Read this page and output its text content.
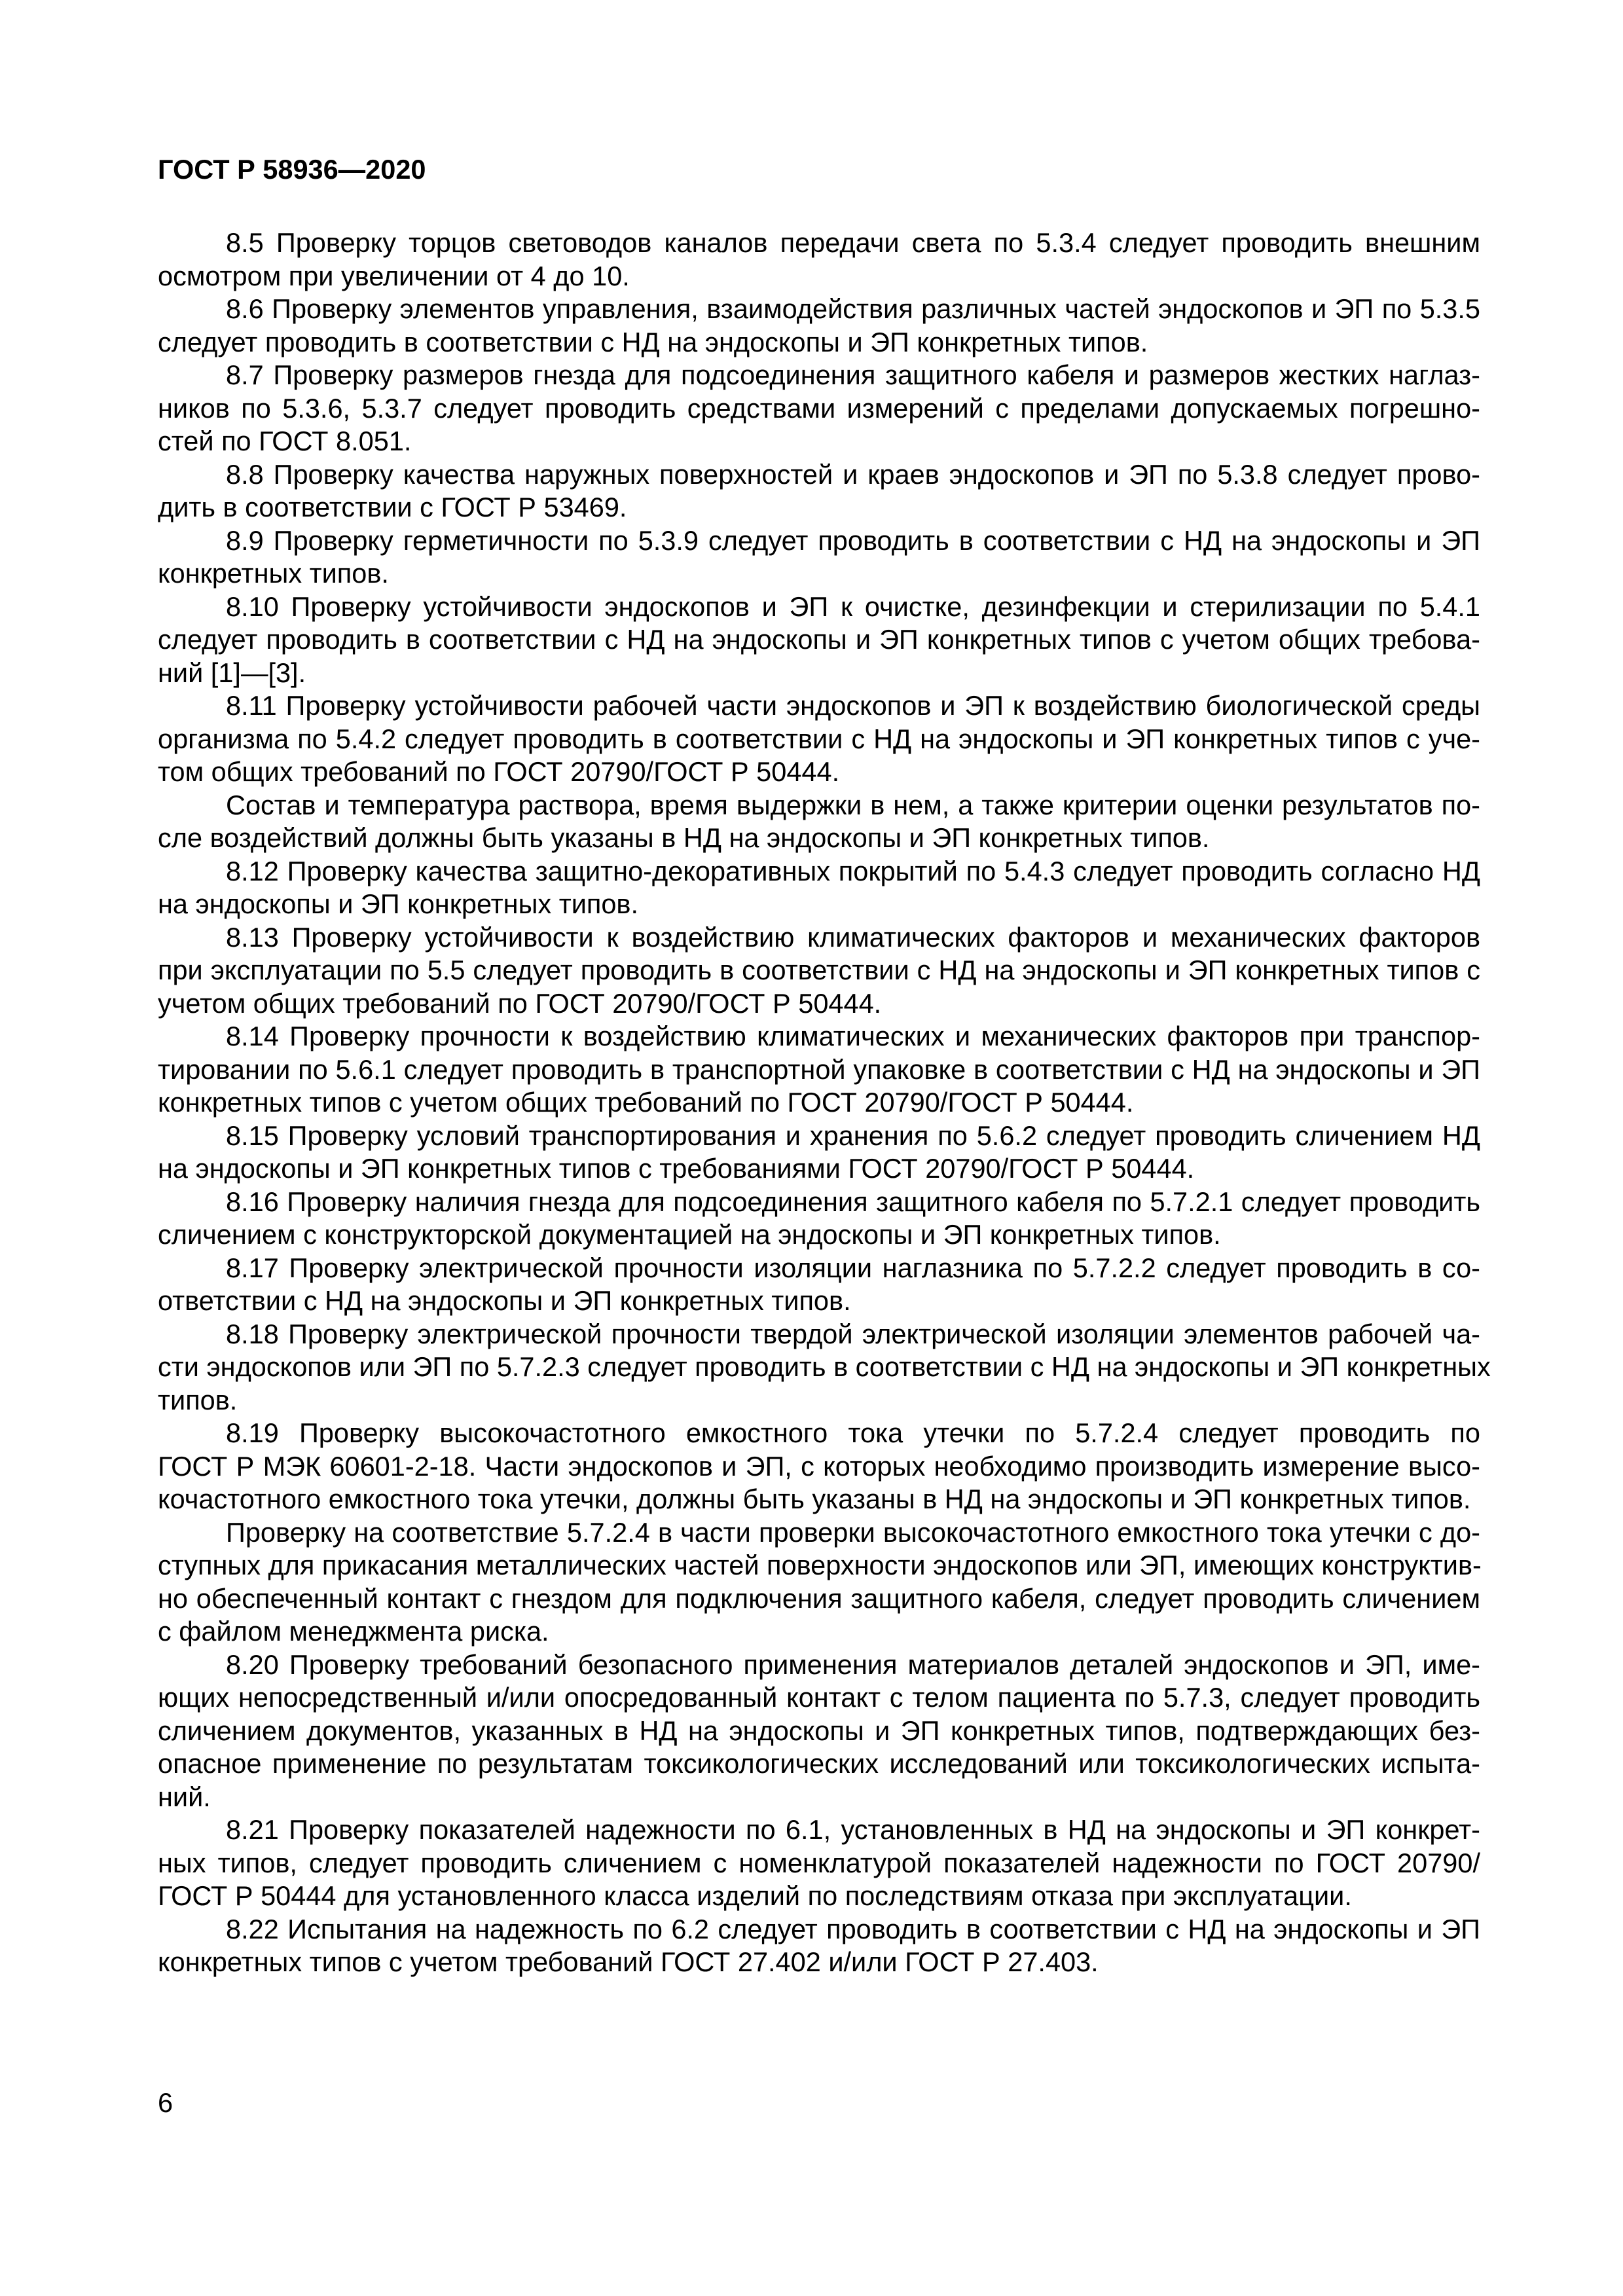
ГОСТ Р 58936—2020
8.5 Проверку торцов световодов каналов передачи света по 5.3.4 следует проводить внешним
осмотром при увеличении от 4 до 10.
8.6 Проверку элементов управления, взаимодействия различных частей эндоскопов и ЭП по 5.3.5
следует проводить в соответствии с НД на эндоскопы и ЭП конкретных типов.
8.7 Проверку размеров гнезда для подсоединения защитного кабеля и размеров жестких наглаз-
ников по 5.3.6, 5.3.7 следует проводить средствами измерений с пределами допускаемых погрешно-
стей по ГОСТ 8.051.
8.8 Проверку качества наружных поверхностей и краев эндоскопов и ЭП по 5.3.8 следует прово-
дить в соответствии с ГОСТ Р 53469.
8.9 Проверку герметичности по 5.3.9 следует проводить в соответствии с НД на эндоскопы и ЭП
конкретных типов.
8.10 Проверку устойчивости эндоскопов и ЭП к очистке, дезинфекции и стерилизации по 5.4.1
следует проводить в соответствии с НД на эндоскопы и ЭП конкретных типов с учетом общих требова-
ний [1]—[3].
8.11 Проверку устойчивости рабочей части эндоскопов и ЭП к воздействию биологической среды
организма по 5.4.2 следует проводить в соответствии с НД на эндоскопы и ЭП конкретных типов с уче-
том общих требований по ГОСТ 20790/ГОСТ Р 50444.
Состав и температура раствора, время выдержки в нем, а также критерии оценки результатов по-
сле воздействий должны быть указаны в НД на эндоскопы и ЭП конкретных типов.
8.12 Проверку качества защитно-декоративных покрытий по 5.4.3 следует проводить согласно НД
на эндоскопы и ЭП конкретных типов.
8.13 Проверку устойчивости к воздействию климатических факторов и механических факторов
при эксплуатации по 5.5 следует проводить в соответствии с НД на эндоскопы и ЭП конкретных типов с
учетом общих требований по ГОСТ 20790/ГОСТ Р 50444.
8.14 Проверку прочности к воздействию климатических и механических факторов при транспор-
тировании по 5.6.1 следует проводить в транспортной упаковке в соответствии с НД на эндоскопы и ЭП
конкретных типов с учетом общих требований по ГОСТ 20790/ГОСТ Р 50444.
8.15 Проверку условий транспортирования и хранения по 5.6.2 следует проводить сличением НД
на эндоскопы и ЭП конкретных типов с требованиями ГОСТ 20790/ГОСТ Р 50444.
8.16 Проверку наличия гнезда для подсоединения защитного кабеля по 5.7.2.1 следует проводить
сличением с конструкторской документацией на эндоскопы и ЭП конкретных типов.
8.17 Проверку электрической прочности изоляции наглазника по 5.7.2.2 следует проводить в со-
ответствии с НД на эндоскопы и ЭП конкретных типов.
8.18 Проверку электрической прочности твердой электрической изоляции элементов рабочей ча-
сти эндоскопов или ЭП по 5.7.2.3 следует проводить в соответствии с НД на эндоскопы и ЭП конкретных
типов.
8.19 Проверку высокочастотного емкостного тока утечки по 5.7.2.4 следует проводить по
ГОСТ Р МЭК 60601-2-18. Части эндоскопов и ЭП, с которых необходимо производить измерение высо-
кочастотного емкостного тока утечки, должны быть указаны в НД на эндоскопы и ЭП конкретных типов.
Проверку на соответствие 5.7.2.4 в части проверки высокочастотного емкостного тока утечки с до-
ступных для прикасания металлических частей поверхности эндоскопов или ЭП, имеющих конструктив-
но обеспеченный контакт с гнездом для подключения защитного кабеля, следует проводить сличением
с файлом менеджмента риска.
8.20 Проверку требований безопасного применения материалов деталей эндоскопов и ЭП, име-
ющих непосредственный и/или опосредованный контакт с телом пациента по 5.7.3, следует проводить
сличением документов, указанных в НД на эндоскопы и ЭП конкретных типов, подтверждающих без-
опасное применение по результатам токсикологических исследований или токсикологических испыта-
ний.
8.21 Проверку показателей надежности по 6.1, установленных в НД на эндоскопы и ЭП конкрет-
ных типов, следует проводить сличением с номенклатурой показателей надежности по ГОСТ 20790/
ГОСТ Р 50444 для установленного класса изделий по последствиям отказа при эксплуатации.
8.22 Испытания на надежность по 6.2 следует проводить в соответствии с НД на эндоскопы и ЭП
конкретных типов с учетом требований ГОСТ 27.402 и/или ГОСТ Р 27.403.
6
